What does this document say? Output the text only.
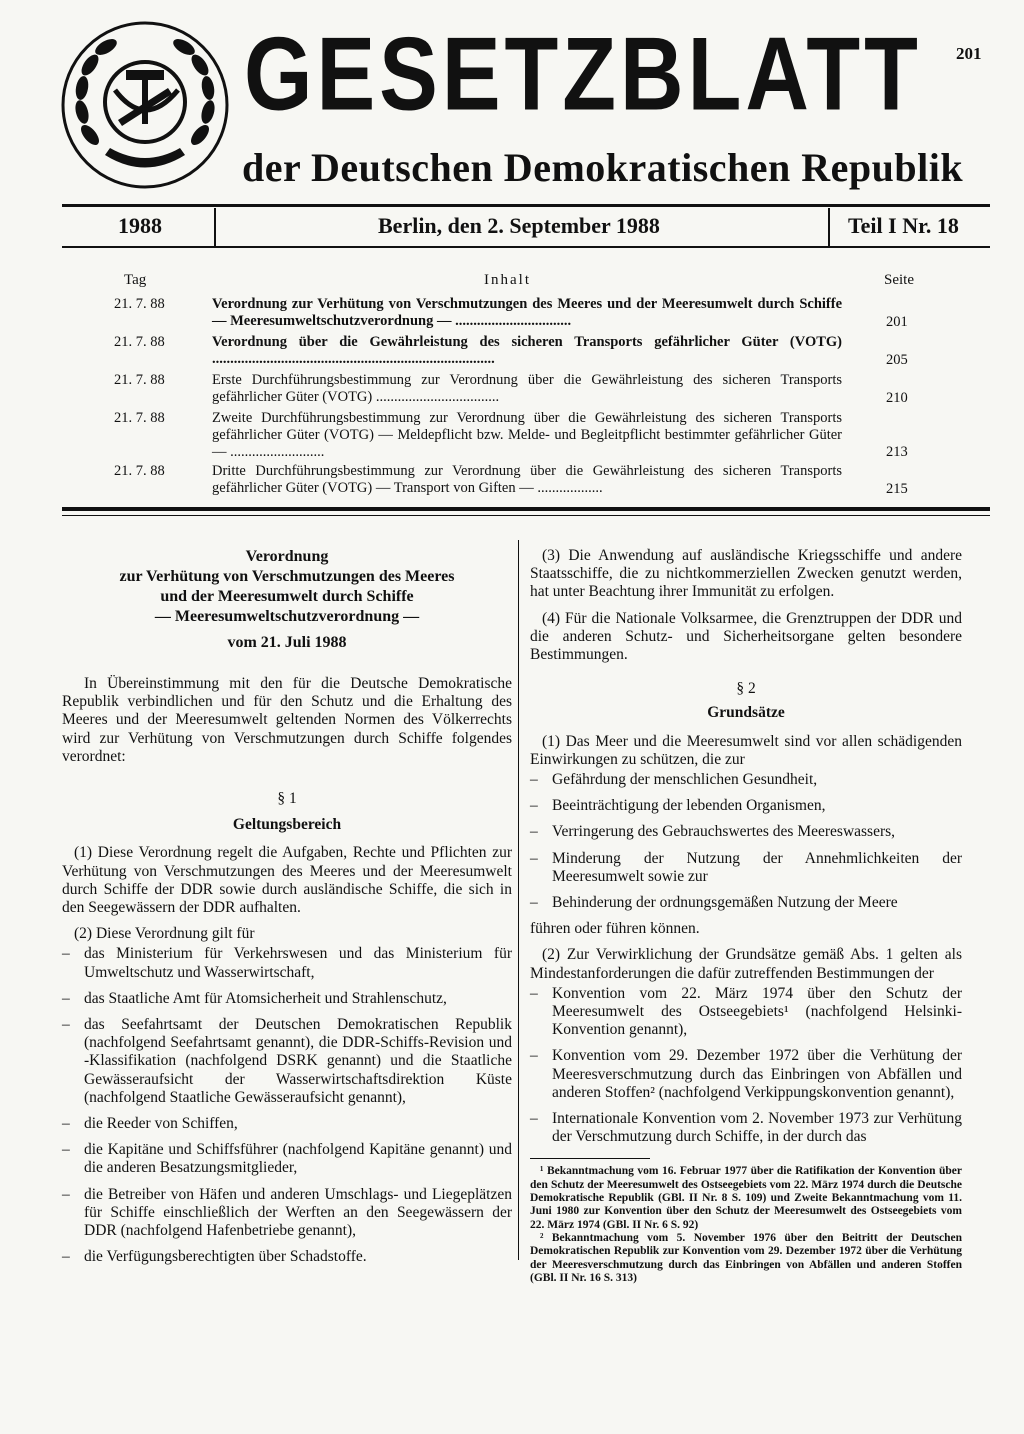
GESETZBLATT
der Deutschen Demokratischen Republik
201
1988	Berlin, den 2. September 1988	Teil I Nr. 18
Tag	Inhalt	Seite
21. 7. 88	Verordnung zur Verhütung von Verschmutzungen des Meeres und der Meeresumwelt durch Schiffe — Meeresumweltschutzverordnung — ................................	201
21. 7. 88	Verordnung über die Gewährleistung des sicheren Transports gefährlicher Güter (VOTG) ..............................................................................	205
21. 7. 88	Erste Durchführungsbestimmung zur Verordnung über die Gewährleistung des sicheren Transports gefährlicher Güter (VOTG) ..................................	210
21. 7. 88	Zweite Durchführungsbestimmung zur Verordnung über die Gewährleistung des sicheren Transports gefährlicher Güter (VOTG) — Meldepflicht bzw. Melde- und Begleitpflicht bestimmter gefährlicher Güter — ..........................	213
21. 7. 88	Dritte Durchführungsbestimmung zur Verordnung über die Gewährleistung des sicheren Transports gefährlicher Güter (VOTG) — Transport von Giften — ..................	215
Verordnung
zur Verhütung von Verschmutzungen des Meeres
und der Meeresumwelt durch Schiffe
— Meeresumweltschutzverordnung —
vom 21. Juli 1988

In Übereinstimmung mit den für die Deutsche Demokratische Republik verbindlichen und für den Schutz und die Erhaltung des Meeres und der Meeresumwelt geltenden Normen des Völkerrechts wird zur Verhütung von Verschmutzungen durch Schiffe folgendes verordnet:

§ 1
Geltungsbereich

(1) Diese Verordnung regelt die Aufgaben, Rechte und Pflichten zur Verhütung von Verschmutzungen des Meeres und der Meeresumwelt durch Schiffe der DDR sowie durch ausländische Schiffe, die sich in den Seegewässern der DDR aufhalten.

(2) Diese Verordnung gilt für

– das Ministerium für Verkehrswesen und das Ministerium für Umweltschutz und Wasserwirtschaft,

– das Staatliche Amt für Atomsicherheit und Strahlenschutz,

– das Seefahrtsamt der Deutschen Demokratischen Republik (nachfolgend Seefahrtsamt genannt), die DDR-Schiffs-Revision und -Klassifikation (nachfolgend DSRK genannt) und die Staatliche Gewässeraufsicht der Wasserwirtschaftsdirektion Küste (nachfolgend Staatliche Gewässeraufsicht genannt),

– die Reeder von Schiffen,

– die Kapitäne und Schiffsführer (nachfolgend Kapitäne genannt) und die anderen Besatzungsmitglieder,

– die Betreiber von Häfen und anderen Umschlags- und Liegeplätzen für Schiffe einschließlich der Werften an den Seegewässern der DDR (nachfolgend Hafenbetriebe genannt),

– die Verfügungsberechtigten über Schadstoffe.

(3) Die Anwendung auf ausländische Kriegsschiffe und andere Staatsschiffe, die zu nichtkommerziellen Zwecken genutzt werden, hat unter Beachtung ihrer Immunität zu erfolgen.

(4) Für die Nationale Volksarmee, die Grenztruppen der DDR und die anderen Schutz- und Sicherheitsorgane gelten besondere Bestimmungen.

§ 2
Grundsätze

(1) Das Meer und die Meeresumwelt sind vor allen schädigenden Einwirkungen zu schützen, die zur

– Gefährdung der menschlichen Gesundheit,

– Beeinträchtigung der lebenden Organismen,

– Verringerung des Gebrauchswertes des Meereswassers,

– Minderung der Nutzung der Annehmlichkeiten der Meeresumwelt sowie zur

– Behinderung der ordnungsgemäßen Nutzung der Meere

führen oder führen können.

(2) Zur Verwirklichung der Grundsätze gemäß Abs. 1 gelten als Mindestanforderungen die dafür zutreffenden Bestimmungen der

– Konvention vom 22. März 1974 über den Schutz der Meeresumwelt des Ostseegebiets¹ (nachfolgend Helsinki-Konvention genannt),

– Konvention vom 29. Dezember 1972 über die Verhütung der Meeresverschmutzung durch das Einbringen von Abfällen und anderen Stoffen² (nachfolgend Verkippungskonvention genannt),

– Internationale Konvention vom 2. November 1973 zur Verhütung der Verschmutzung durch Schiffe, in der durch das

¹ Bekanntmachung vom 16. Februar 1977 über die Ratifikation der Konvention über den Schutz der Meeresumwelt des Ostseegebiets vom 22. März 1974 durch die Deutsche Demokratische Republik (GBl. II Nr. 8 S. 109) und Zweite Bekanntmachung vom 11. Juni 1980 zur Konvention über den Schutz der Meeresumwelt des Ostseegebiets vom 22. März 1974 (GBl. II Nr. 6 S. 92)

² Bekanntmachung vom 5. November 1976 über den Beitritt der Deutschen Demokratischen Republik zur Konvention vom 29. Dezember 1972 über die Verhütung der Meeresverschmutzung durch das Einbringen von Abfällen und anderen Stoffen (GBl. II Nr. 16 S. 313)
